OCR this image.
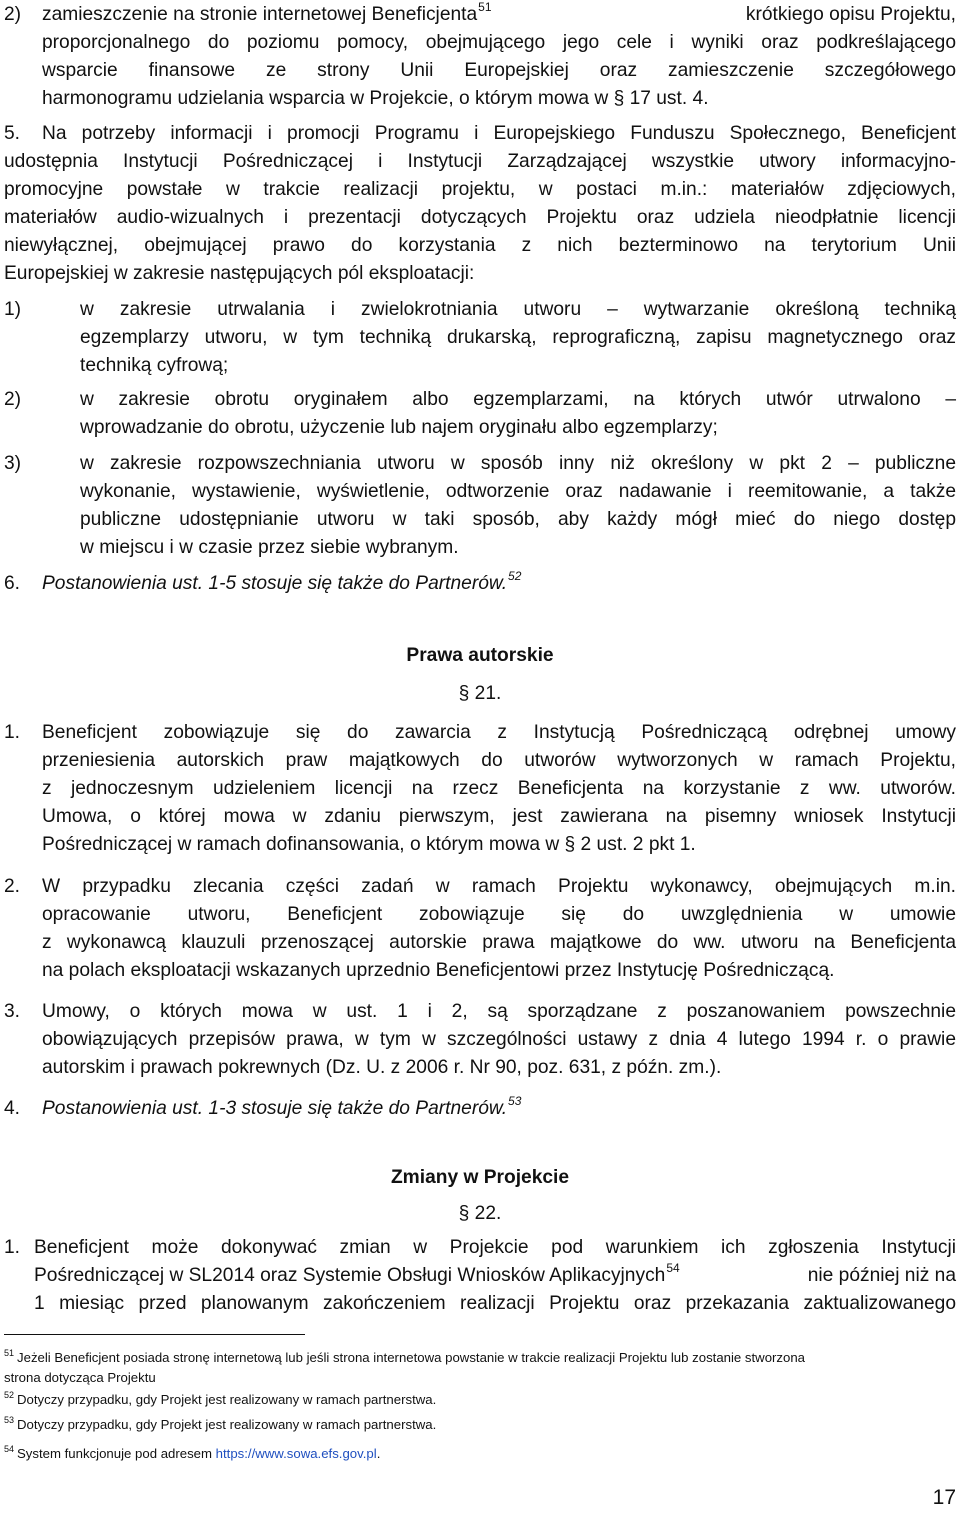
2) zamieszczenie na stronie internetowej Beneficjenta$^{51}$	krótkiego opisu Projektu,
proporcjonalnego do poziomu pomocy, obejmującego jego cele i wyniki oraz podkreślającego
wsparcie finansowe ze strony Unii Europejskiej oraz zamieszczenie szczegółowego
harmonogramu udzielania wsparcia w Projekcie, o którym mowa w § 17 ust. 4.
5. Na potrzeby informacji i promocji Programu i Europejskiego Funduszu Społecznego, Beneficjent
udostępnia Instytucji Pośredniczącej i Instytucji Zarządzającej wszystkie utwory informacyjno-
promocyjne powstałe w trakcie realizacji projektu, w postaci m.in.: materiałów zdjęciowych,
materiałów audio-wizualnych i prezentacji dotyczących Projektu oraz udziela nieodpłatnie licencji
niewyłącznej, obejmującej prawo do korzystania z nich bezterminowo na terytorium Unii
Europejskiej w zakresie następujących pól eksploatacji:
1)	w zakresie utrwalania i zwielokrotniania utworu – wytwarzanie określoną techniką
egzemplarzy utworu, w tym techniką drukarską, reprograficzną, zapisu magnetycznego oraz
techniką cyfrową;
2)	w zakresie obrotu oryginałem albo egzemplarzami, na których utwór utrwalono –
wprowadzanie do obrotu, użyczenie lub najem oryginału albo egzemplarzy;
3)	w zakresie rozpowszechniania utworu w sposób inny niż określony w pkt 2 – publiczne
wykonanie, wystawienie, wyświetlenie, odtworzenie oraz nadawanie i reemitowanie, a także
publiczne udostępnianie utworu w taki sposób, aby każdy mógł mieć do niego dostęp
w miejscu i w czasie przez siebie wybranym.
6. Postanowienia ust. 1-5 stosuje się także do Partnerów.$^{52}$
Prawa autorskie
§ 21.
1. Beneficjent zobowiązuje się do zawarcia z Instytucją Pośredniczącą odrębnej umowy
przeniesienia autorskich praw majątkowych do utworów wytworzonych w ramach Projektu,
z jednoczesnym udzieleniem licencji na rzecz Beneficjenta na korzystanie z ww. utworów.
Umowa, o której mowa w zdaniu pierwszym, jest zawierana na pisemny wniosek Instytucji
Pośredniczącej w ramach dofinansowania, o którym mowa w § 2 ust. 2 pkt 1.
2. W przypadku zlecania części zadań w ramach Projektu wykonawcy, obejmujących m.in.
opracowanie utworu, Beneficjent zobowiązuje się do uwzględnienia w umowie
z wykonawcą klauzuli przenoszącej autorskie prawa majątkowe do ww. utworu na Beneficjenta
na polach eksploatacji wskazanych uprzednio Beneficjentowi przez Instytucję Pośredniczącą.
3. Umowy, o których mowa w ust. 1 i 2, są sporządzane z poszanowaniem powszechnie
obowiązujących przepisów prawa, w tym w szczególności ustawy z dnia 4 lutego 1994 r. o prawie
autorskim i prawach pokrewnych (Dz. U. z 2006 r. Nr 90, poz. 631, z późn. zm.).
4. Postanowienia ust. 1-3 stosuje się także do Partnerów.$^{53}$
Zmiany w Projekcie
§ 22.
1. Beneficjent może dokonywać zmian w Projekcie pod warunkiem ich zgłoszenia Instytucji
Pośredniczącej w SL2014 oraz Systemie Obsługi Wniosków Aplikacyjnych$^{54}$	nie później niż na
1 miesiąc przed planowanym zakończeniem realizacji Projektu oraz przekazania zaktualizowanego
$^{51}$ Jeżeli Beneficjent posiada stronę internetową lub jeśli strona internetowa powstanie w trakcie realizacji Projektu lub zostanie stworzona
strona dotycząca Projektu
$^{52}$ Dotyczy przypadku, gdy Projekt jest realizowany w ramach partnerstwa.
$^{53}$ Dotyczy przypadku, gdy Projekt jest realizowany w ramach partnerstwa.
$^{54}$ System funkcjonuje pod adresem https://www.sowa.efs.gov.pl.
17
